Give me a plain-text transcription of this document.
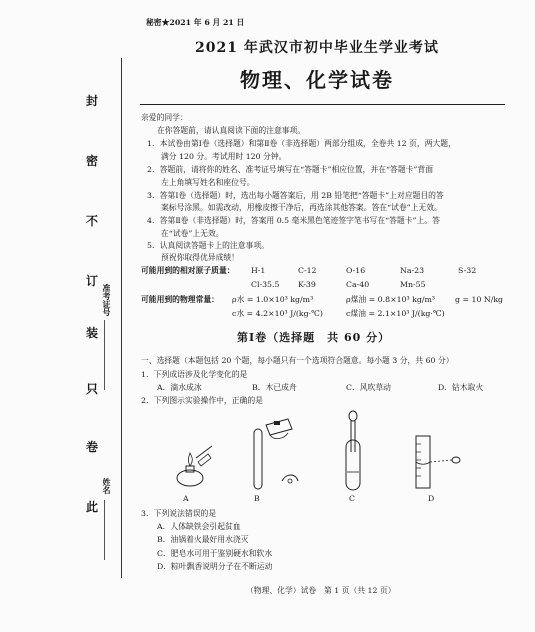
封
密
不
订
装
只
卷
此
准考证号
姓名
秘密★2021 年 6 月 21 日
2021 年武汉市初中毕业生学业考试
物理、化学试卷
亲爱的同学：
在你答题前，请认真阅读下面的注意事项。
1．本试卷由第Ⅰ卷（选择题）和第Ⅱ卷（非选择题）两部分组成，全卷共 12 页，两大题，
满分 120 分。考试用时 120 分钟。
2．答题前，请将你的姓名、准考证号填写在“答题卡”相应位置，并在“答题卡”背面
左上角填写姓名和座位号。
3．答第Ⅰ卷（选择题）时，选出每小题答案后，用 2B 铅笔把“答题卡”上对应题目的答
案标号涂黑。如需改动，用橡皮擦干净后，再选涂其他答案。答在“试卷”上无效。
4．答第Ⅱ卷（非选择题）时，答案用 0.5 毫米黑色笔迹签字笔书写在“答题卡”上。答
在“试卷”上无效。
5．认真阅读答题卡上的注意事项。
预祝你取得优异成绩！
可能用到的相对原子质量： H-1	C-12	O-16	Na-23	S-32
Cl-35.5 K-39	Ca-40	Mn-55
可能用到的物理常量： ρ水 = 1.0×10³ kg/m³	ρ煤油 = 0.8×10³ kg/m³	g = 10 N/kg
c水 = 4.2×10³ J/(kg·℃)	c煤油 = 2.1×10³ J/(kg·℃)
第Ⅰ卷（选择题　共 60 分）
一、选择题（本题包括 20 个题，每小题只有一个选项符合题意。每小题 3 分，共 60 分）
1．下列成语涉及化学变化的是
A．滴水成冰	B．木已成舟	C．风吹草动	D．钻木取火
2．下列图示实验操作中，正确的是
A	B	C	D
3．下列说法错误的是
A．人体缺铁会引起贫血
B．油锅着火最好用水浇灭
C．肥皂水可用于鉴别硬水和软水
D．粽叶飘香说明分子在不断运动
（物理、化学）试卷　第 1 页（共 12 页）
